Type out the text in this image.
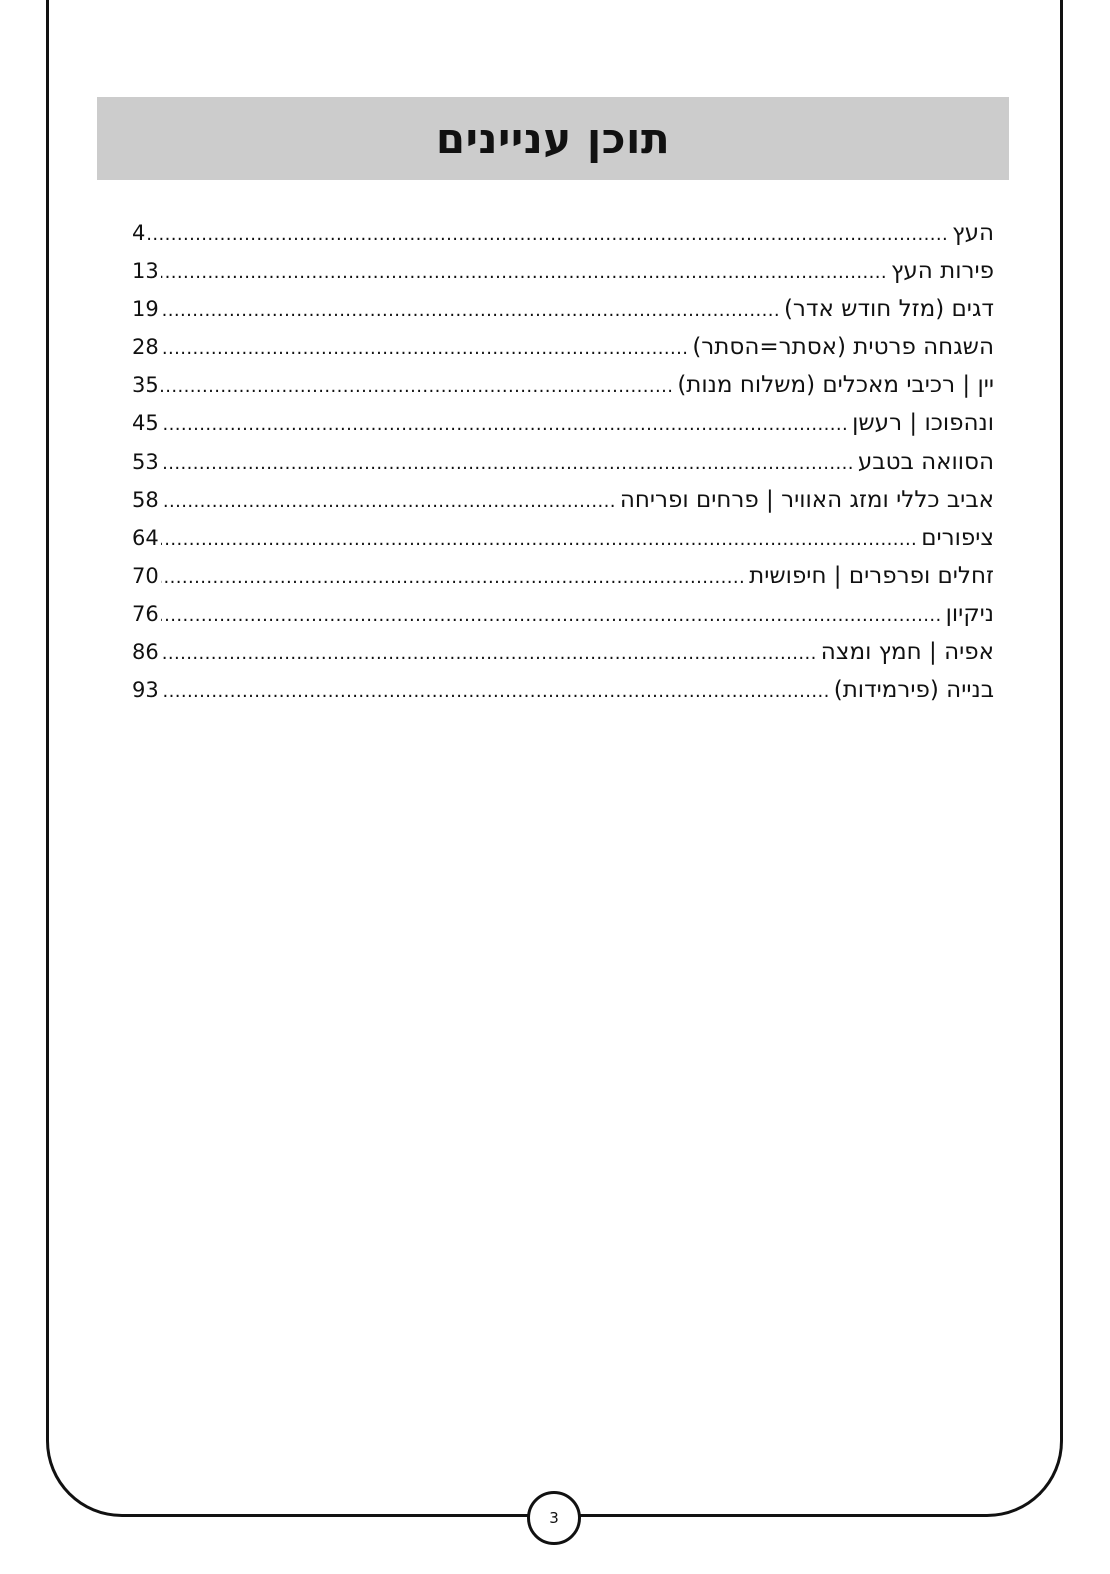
תוכן עניינים
העץ
.....
4
פירות העץ
.....
13
דגים (מזל חודש אדר)
.....
19
השגחה פרטית (אסתר=הסתר)
.....
28
יין | רכיבי מאכלים (משלוח מנות)
.....
35
ונהפוכו | רעשן
.....
45
הסוואה בטבע
.....
53
אביב כללי ומזג האוויר | פרחים ופריחה
.....
58
ציפורים
.....
64
זחלים ופרפרים | חיפושית
.....
70
ניקיון
.....
76
אפיה | חמץ ומצה
.....
86
בנייה (פירמידות)
.....
93
3
